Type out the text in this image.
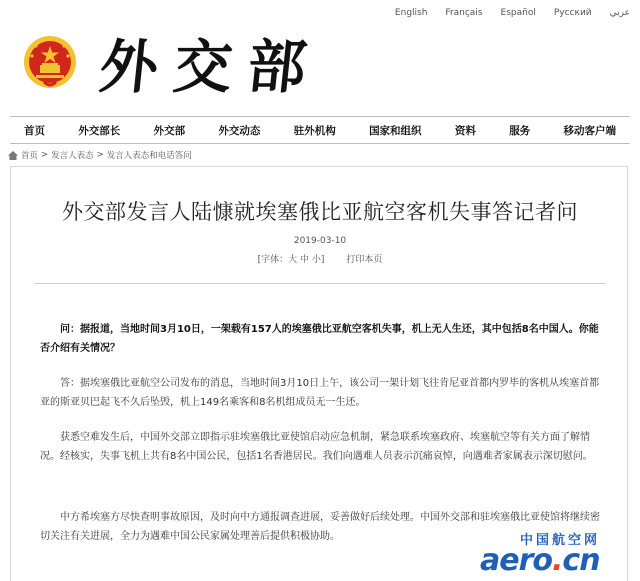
English Français Español Русский عربي
外 交 部
首页	外交部长	外交部	外交动态	驻外机构	国家和组织	资料	服务	移动客户端
首页 > 发言人表态 > 发言人表态和电话答问
外交部发言人陆慷就埃塞俄比亚航空客机失事答记者问
2019-03-10
[字体：大 中 小] 打印本页

问：据报道，当地时间3月10日，一架载有157人的埃塞俄比亚航空客机失事，机上无人生还，其中包括8名中国人。你能否介绍有关情况？

答：据埃塞俄比亚航空公司发布的消息，当地时间3月10日上午，该公司一架计划飞往肯尼亚首都内罗毕的客机从埃塞首都亚的斯亚贝巴起飞不久后坠毁，机上149名乘客和8名机组成员无一生还。

获悉空难发生后，中国外交部立即指示驻埃塞俄比亚使馆启动应急机制，紧急联系埃塞政府、埃塞航空等有关方面了解情况。经核实，失事飞机上共有8名中国公民，包括1名香港居民。我们向遇难人员表示沉痛哀悼，向遇难者家属表示深切慰问。

中方希埃塞方尽快查明事故原因，及时向中方通报调查进展，妥善做好后续处理。中国外交部和驻埃塞俄比亚使馆将继续密切关注有关进展，全力为遇难中国公民家属处理善后提供积极协助。	中国航空网
aero.cn
